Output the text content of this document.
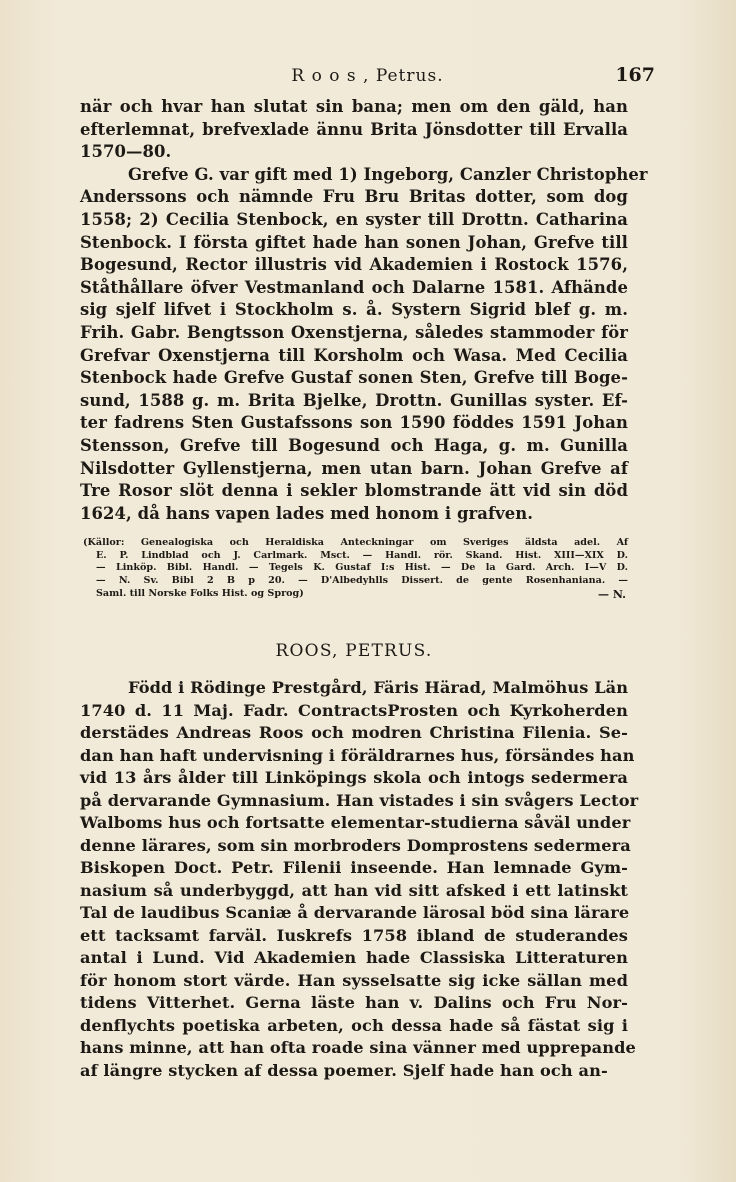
R o o s , Petrus.	167
när och hvar han slutat sin bana; men om den gäld, han
efterlemnat, brefvexlade ännu Brita Jönsdotter till Ervalla
1570—80.
Grefve G. var gift med 1) Ingeborg, Canzler Christopher
Anderssons och nämnde Fru Bru Britas dotter, som dog
1558; 2) Cecilia Stenbock, en syster till Drottn. Catharina
Stenbock. I första giftet hade han sonen Johan, Grefve till
Bogesund, Rector illustris vid Akademien i Rostock 1576,
Ståthållare öfver Vestmanland och Dalarne 1581. Afhände
sig sjelf lifvet i Stockholm s. å. Systern Sigrid blef g. m.
Frih. Gabr. Bengtsson Oxenstjerna, således stammoder för
Grefvar Oxenstjerna till Korsholm och Wasa. Med Cecilia
Stenbock hade Grefve Gustaf sonen Sten, Grefve till Boge-
sund, 1588 g. m. Brita Bjelke, Drottn. Gunillas syster. Ef-
ter fadrens Sten Gustafssons son 1590 föddes 1591 Johan
Stensson, Grefve till Bogesund och Haga, g. m. Gunilla
Nilsdotter Gyllenstjerna, men utan barn. Johan Grefve af
Tre Rosor slöt denna i sekler blomstrande ätt vid sin död
1624, då hans vapen lades med honom i grafven.
(Källor: Genealogiska och Heraldiska Anteckningar om Sveriges äldsta adel. Af
E. P. Lindblad och J. Carlmark. Msct. — Handl. rör. Skand. Hist. XIII—XIX D.
— Linköp. Bibl. Handl. — Tegels K. Gustaf I:s Hist. — De la Gard. Arch. I—V D.
— N. Sv. Bibl 2 B p 20. — D'Albedyhlls Dissert. de gente Rosenhaniana. —
Saml. till Norske Folks Hist. og Sprog)	— N.
ROOS, PETRUS.
Född i Rödinge Prestgård, Färis Härad, Malmöhus Län
1740 d. 11 Maj. Fadr. ContractsProsten och Kyrkoherden
derstädes Andreas Roos och modren Christina Filenia. Se-
dan han haft undervisning i föräldrarnes hus, försändes han
vid 13 års ålder till Linköpings skola och intogs sedermera
på dervarande Gymnasium. Han vistades i sin svågers Lector
Walboms hus och fortsatte elementar-studierna såväl under
denne lärares, som sin morbroders Domprostens sedermera
Biskopen Doct. Petr. Filenii inseende. Han lemnade Gym-
nasium så underbyggd, att han vid sitt afsked i ett latinskt
Tal de laudibus Scaniæ å dervarande lärosal böd sina lärare
ett tacksamt farväl. Iuskrefs 1758 ibland de studerandes
antal i Lund. Vid Akademien hade Classiska Litteraturen
för honom stort värde. Han sysselsatte sig icke sällan med
tidens Vitterhet. Gerna läste han v. Dalins och Fru Nor-
denflychts poetiska arbeten, och dessa hade så fästat sig i
hans minne, att han ofta roade sina vänner med upprepande
af längre stycken af dessa poemer. Sjelf hade han och an-
